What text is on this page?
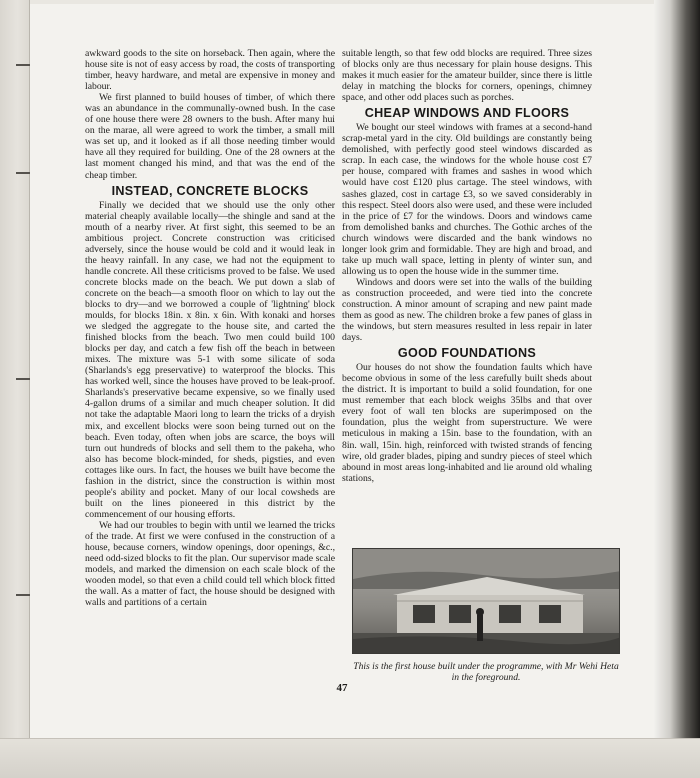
awkward goods to the site on horseback. Then again, where the house site is not of easy access by road, the costs of transporting timber, heavy hardware, and metal are expensive in money and labour.

We first planned to build houses of timber, of which there was an abundance in the communally-owned bush. In the case of one house there were 28 owners to the bush. After many hui on the marae, all were agreed to work the timber, a small mill was set up, and it looked as if all those needing timber would have all they required for building. One of the 28 owners at the last moment changed his mind, and that was the end of the cheap timber.

INSTEAD, CONCRETE BLOCKS

Finally we decided that we should use the only other material cheaply available locally—the shingle and sand at the mouth of a nearby river. At first sight, this seemed to be an ambitious project. Concrete construction was criticised adversely, since the house would be cold and it would leak in the heavy rainfall. In any case, we had not the equipment to handle concrete. All these criticisms proved to be false. We used concrete blocks made on the beach. We put down a slab of concrete on the beach—a smooth floor on which to lay out the blocks to dry—and we borrowed a couple of 'lightning' block moulds, for blocks 18in. x 8in. x 6in. With konaki and horses we sledged the aggregate to the house site, and carted the finished blocks from the beach. Two men could build 100 blocks per day, and catch a few fish off the beach in between mixes. The mixture was 5-1 with some silicate of soda (Sharlands's egg preservative) to waterproof the blocks. This has worked well, since the houses have proved to be leak-proof. Sharlands's preservative became expensive, so we finally used 4-gallon drums of a similar and much cheaper solution. It did not take the adaptable Maori long to learn the tricks of a dryish mix, and excellent blocks were soon being turned out on the beach. Even today, often when jobs are scarce, the boys will turn out hundreds of blocks and sell them to the pakeha, who also has become block-minded, for sheds, pigsties, and even cottages like ours. In fact, the houses we built have become the fashion in the district, since the construction is within most people's ability and pocket. Many of our local cowsheds are built on the lines pioneered in this district by the commencement of our housing efforts.

We had our troubles to begin with until we learned the tricks of the trade. At first we were confused in the construction of a house, because corners, window openings, door openings, &c., need odd-sized blocks to fit the plan. Our supervisor made scale models, and marked the dimension on each scale block of the wooden model, so that even a child could tell which block fitted the wall. As a matter of fact, the house should be designed with walls and partitions of a certain

suitable length, so that few odd blocks are required. Three sizes of blocks only are thus necessary for plain house designs. This makes it much easier for the amateur builder, since there is little delay in matching the blocks for corners, openings, chimney space, and other odd places such as porches.

CHEAP WINDOWS AND FLOORS

We bought our steel windows with frames at a second-hand scrap-metal yard in the city. Old buildings are constantly being demolished, with perfectly good steel windows discarded as scrap. In each case, the windows for the whole house cost £7 per house, compared with frames and sashes in wood which would have cost £120 plus cartage. The steel windows, with sashes glazed, cost in cartage £3, so we saved considerably in this respect. Steel doors also were used, and these were included in the price of £7 for the windows. Doors and windows came from demolished banks and churches. The Gothic arches of the church windows were discarded and the bank windows no longer look grim and formidable. They are high and broad, and take up much wall space, letting in plenty of winter sun, and allowing us to open the house wide in the summer time.

Windows and doors were set into the walls of the building as construction proceeded, and were tied into the concrete construction. A minor amount of scraping and new paint made them as good as new. The children broke a few panes of glass in the windows, but stern measures resulted in less repair in later days.

GOOD FOUNDATIONS

Our houses do not show the foundation faults which have become obvious in some of the less carefully built sheds about the district. It is important to build a solid foundation, for one must remember that each block weighs 35lbs and that over every foot of wall ten blocks are superimposed on the foundation, plus the weight from superstructure. We were meticulous in making a 15in. base to the foundation, with an 8in. wall, 15in. high, reinforced with twisted strands of fencing wire, old grader blades, piping and sundry pieces of steel which abound in most areas long-inhabited and lie around old whaling stations,

This is the first house built under the programme, with Mr Wehi Heta in the foreground.

47
